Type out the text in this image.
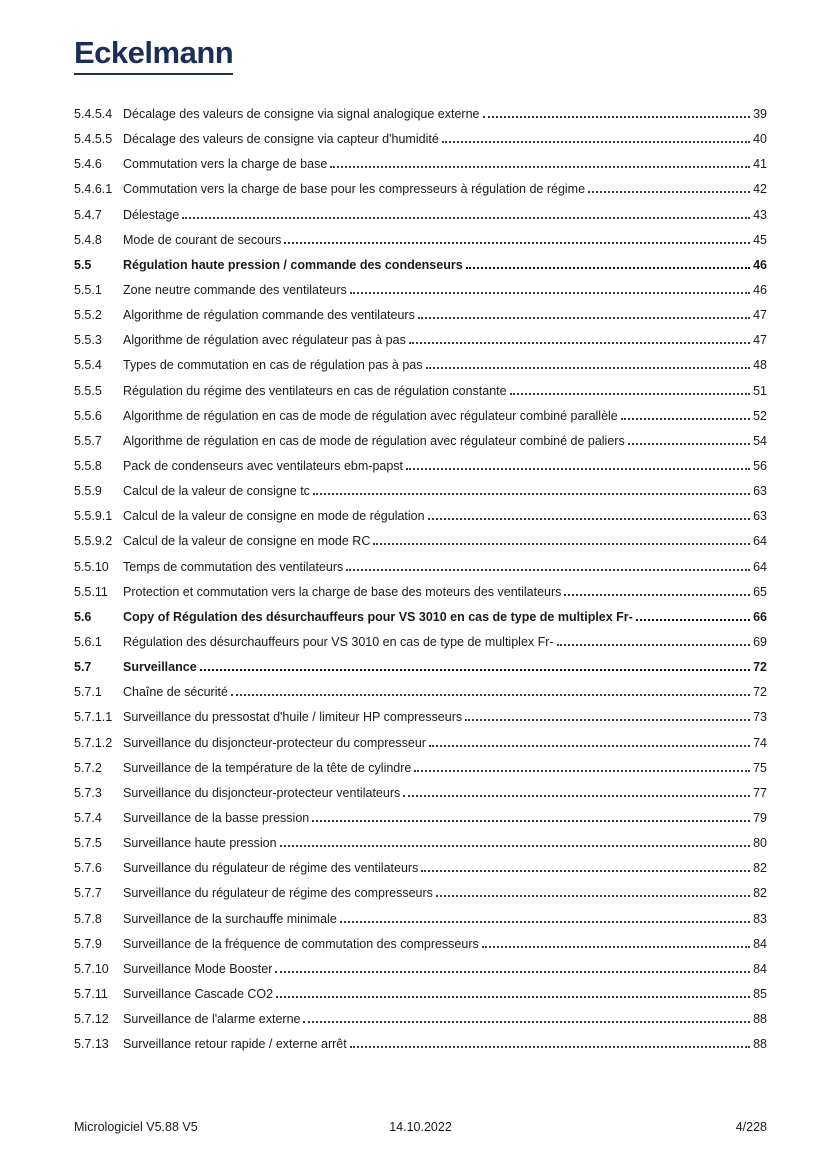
Eckelmann
5.4.5.4 Décalage des valeurs de consigne via signal analogique externe	39
5.4.5.5 Décalage des valeurs de consigne via capteur d'humidité	40
5.4.6	Commutation vers la charge de base	41
5.4.6.1 Commutation vers la charge de base pour les compresseurs à régulation de régime	42
5.4.7	Délestage	43
5.4.8	Mode de courant de secours	45
5.5	Régulation haute pression / commande des condenseurs	46
5.5.1	Zone neutre commande des ventilateurs	46
5.5.2	Algorithme de régulation commande des ventilateurs	47
5.5.3	Algorithme de régulation avec régulateur pas à pas	47
5.5.4	Types de commutation en cas de régulation pas à pas	48
5.5.5	Régulation du régime des ventilateurs en cas de régulation constante	51
5.5.6	Algorithme de régulation en cas de mode de régulation avec régulateur combiné parallèle	52
5.5.7	Algorithme de régulation en cas de mode de régulation avec régulateur combiné de paliers	54
5.5.8	Pack de condenseurs avec ventilateurs ebm-papst	56
5.5.9	Calcul de la valeur de consigne tc	63
5.5.9.1 Calcul de la valeur de consigne en mode de régulation	63
5.5.9.2 Calcul de la valeur de consigne en mode RC	64
5.5.10	Temps de commutation des ventilateurs	64
5.5.11	Protection et commutation vers la charge de base des moteurs des ventilateurs	65
5.6	Copy of Régulation des désurchauffeurs pour VS 3010 en cas de type de multiplex Fr-	66
5.6.1	Régulation des désurchauffeurs pour VS 3010 en cas de type de multiplex Fr-	69
5.7	Surveillance	72
5.7.1	Chaîne de sécurité	72
5.7.1.1 Surveillance du pressostat d'huile / limiteur HP compresseurs	73
5.7.1.2 Surveillance du disjoncteur-protecteur du compresseur	74
5.7.2	Surveillance de la température de la tête de cylindre	75
5.7.3	Surveillance du disjoncteur-protecteur ventilateurs	77
5.7.4	Surveillance de la basse pression	79
5.7.5	Surveillance haute pression	80
5.7.6	Surveillance du régulateur de régime des ventilateurs	82
5.7.7	Surveillance du régulateur de régime des compresseurs	82
5.7.8	Surveillance de la surchauffe minimale	83
5.7.9	Surveillance de la fréquence de commutation des compresseurs	84
5.7.10	Surveillance Mode Booster	84
5.7.11	Surveillance Cascade CO2	85
5.7.12	Surveillance de l'alarme externe	88
5.7.13	Surveillance retour rapide / externe arrêt	88
Micrologiciel V5.88 V5	14.10.2022	4/228
